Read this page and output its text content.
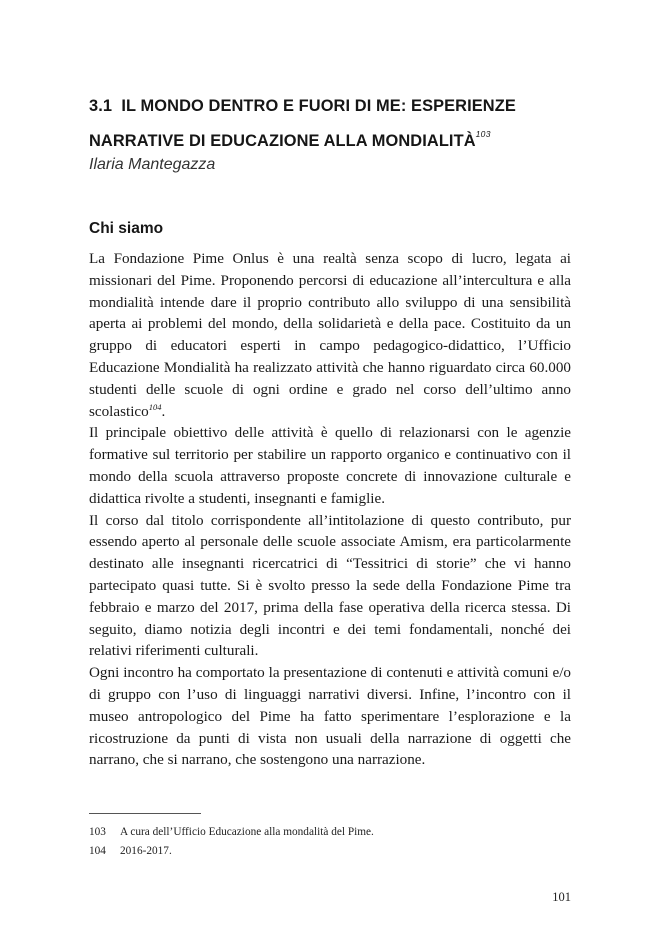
3.1 IL MONDO DENTRO E FUORI DI ME: ESPERIENZE
NARRATIVE DI EDUCAZIONE ALLA MONDIALITÀ$^{103}$
Ilaria Mantegazza
Chi siamo

La Fondazione Pime Onlus è una realtà senza scopo di lucro, legata ai missionari del Pime. Proponendo percorsi di educazione all’intercultura e alla mondialità intende dare il proprio contributo allo sviluppo di una sensibilità aperta ai problemi del mondo, della solidarietà e della pace. Costituito da un gruppo di educatori esperti in campo pedagogico-didattico, l’Ufficio Educazione Mondialità ha realizzato attività che hanno riguardato circa 60.000 studenti delle scuole di ogni ordine e grado nel corso dell’ultimo anno scolastico$^{104}$.

Il principale obiettivo delle attività è quello di relazionarsi con le agenzie formative sul territorio per stabilire un rapporto organico e continuativo con il mondo della scuola attraverso proposte concrete di innovazione culturale e didattica rivolte a studenti, insegnanti e famiglie.

Il corso dal titolo corrispondente all’intitolazione di questo contributo, pur essendo aperto al personale delle scuole associate Amism, era particolarmente destinato alle insegnanti ricercatrici di “Tessitrici di storie” che vi hanno partecipato quasi tutte. Si è svolto presso la sede della Fondazione Pime tra febbraio e marzo del 2017, prima della fase operativa della ricerca stessa. Di seguito, diamo notizia degli incontri e dei temi fondamentali, nonché dei relativi riferimenti culturali.

Ogni incontro ha comportato la presentazione di contenuti e attività comuni e/o di gruppo con l’uso di linguaggi narrativi diversi. Infine, l’incontro con il museo antropologico del Pime ha fatto sperimentare l’esplorazione e la ricostruzione da punti di vista non usuali della narrazione di oggetti che narrano, che si narrano, che sostengono una narrazione.

103	A cura dell’Ufficio Educazione alla mondalità del Pime.
104	2016-2017.
101
